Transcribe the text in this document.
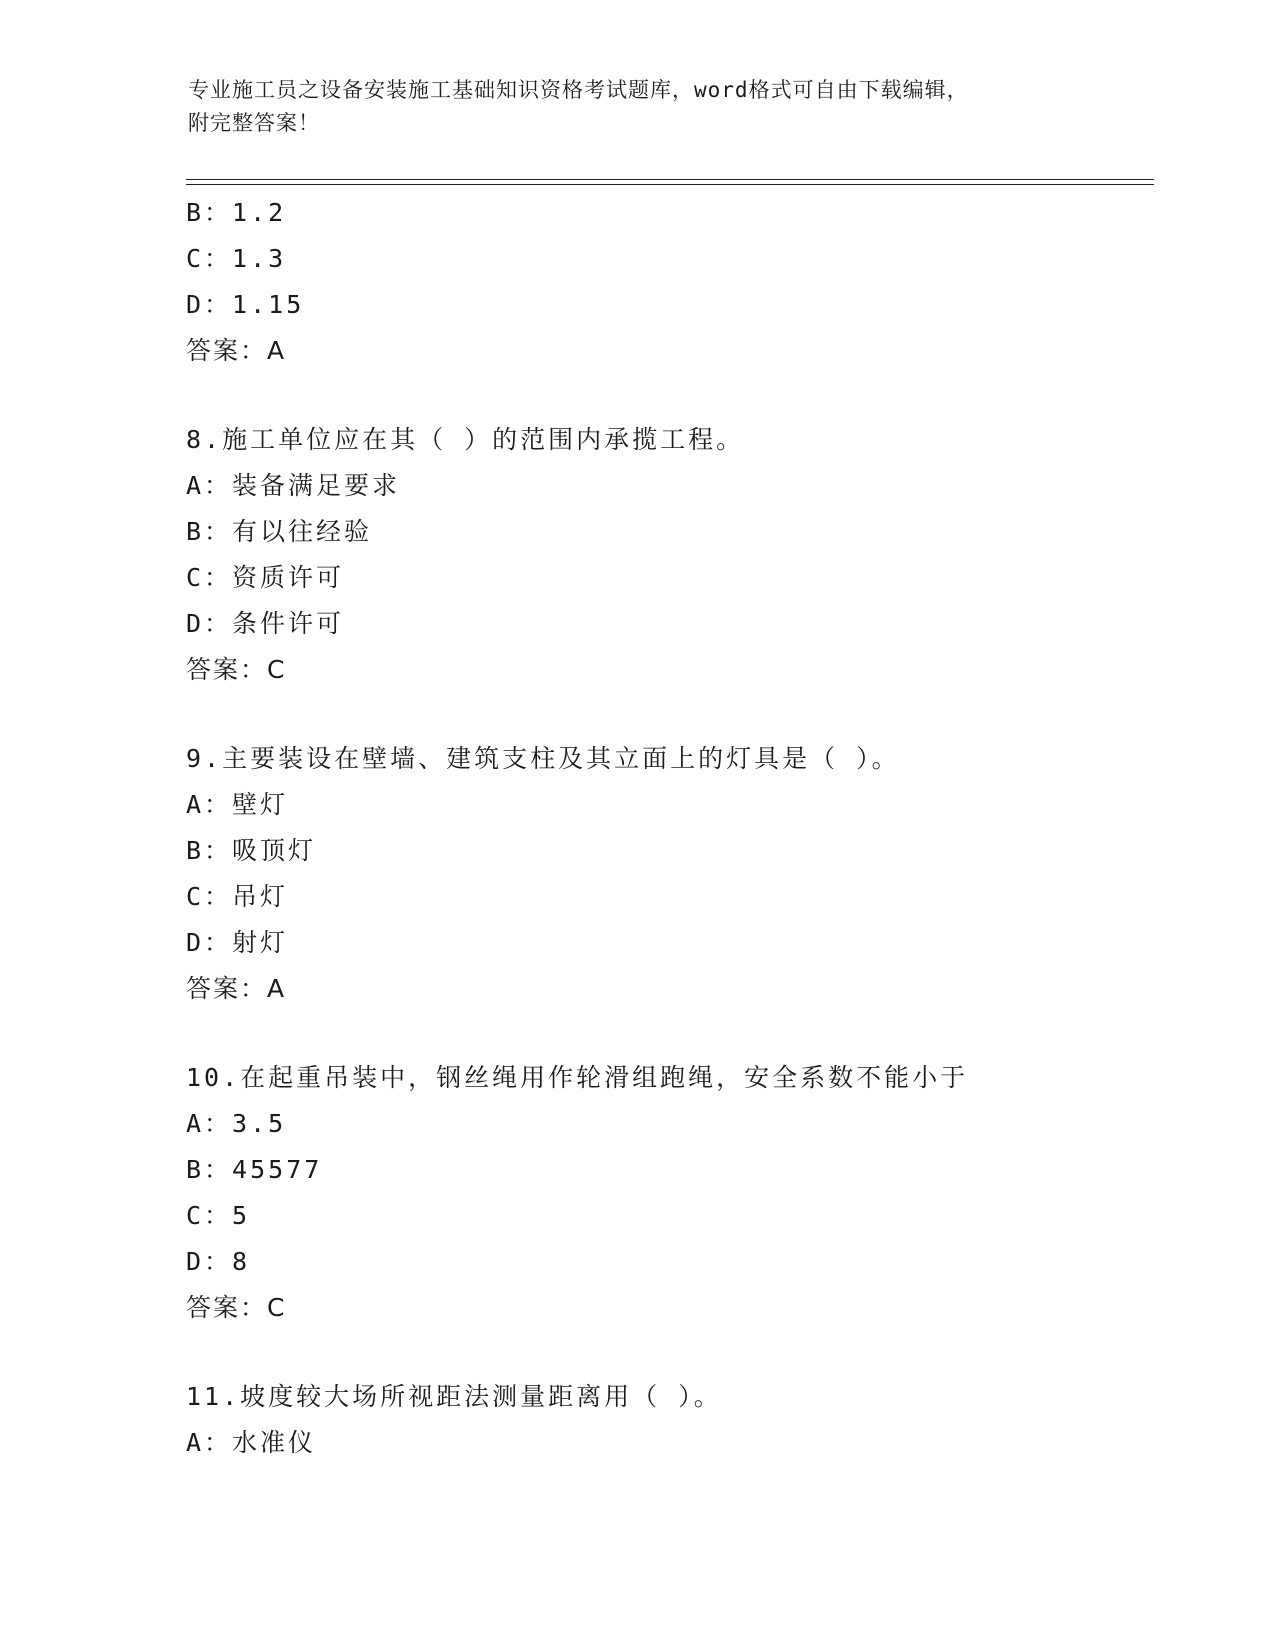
专业施工员之设备安装施工基础知识资格考试题库，word格式可自由下载编辑，
附完整答案！
B：1.2
C：1.3
D：1.15
答案：A
8.施工单位应在其（ ）的范围内承揽工程。
A：装备满足要求
B：有以往经验
C：资质许可
D：条件许可
答案：C
9.主要装设在壁墙、建筑支柱及其立面上的灯具是（ ）。
A：壁灯
B：吸顶灯
C：吊灯
D：射灯
答案：A
10.在起重吊装中，钢丝绳用作轮滑组跑绳，安全系数不能小于
A：3.5
B：45577
C：5
D：8
答案：C
11.坡度较大场所视距法测量距离用（ ）。
A：水准仪
